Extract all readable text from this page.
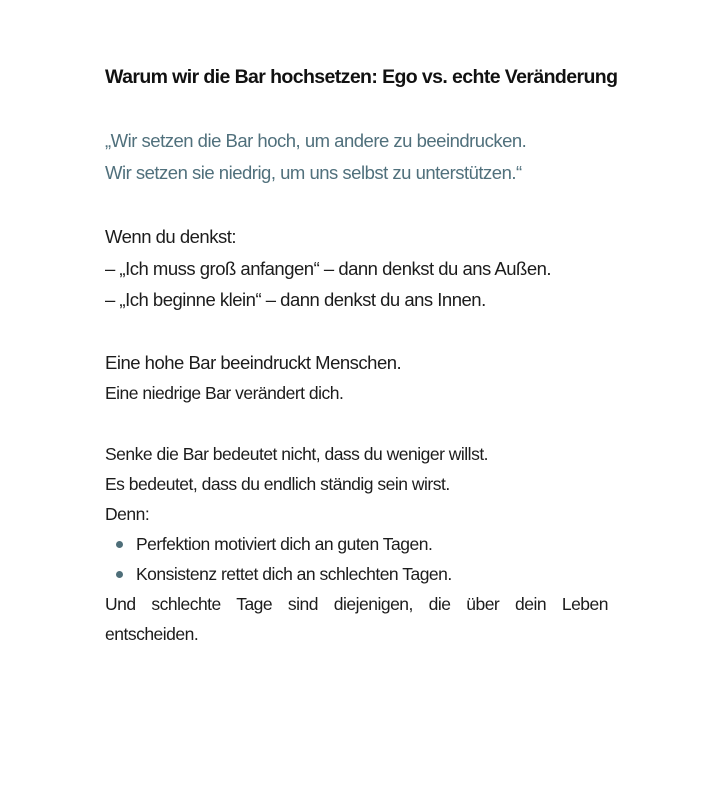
Warum wir die Bar hochsetzen: Ego vs. echte Veränderung
„Wir setzen die Bar hoch, um andere zu beeindrucken.
Wir setzen sie niedrig, um uns selbst zu unterstützen.“
Wenn du denkst:
– „Ich muss groß anfangen“ – dann denkst du ans Außen.
– „Ich beginne klein“ – dann denkst du ans Innen.
Eine hohe Bar beeindruckt Menschen.
Eine niedrige Bar verändert dich.
Senke die Bar bedeutet nicht, dass du weniger willst.
Es bedeutet, dass du endlich ständig sein wirst.
Denn:
Perfektion motiviert dich an guten Tagen.
Konsistenz rettet dich an schlechten Tagen.
Und schlechte Tage sind diejenigen, die über dein Leben entscheiden.
